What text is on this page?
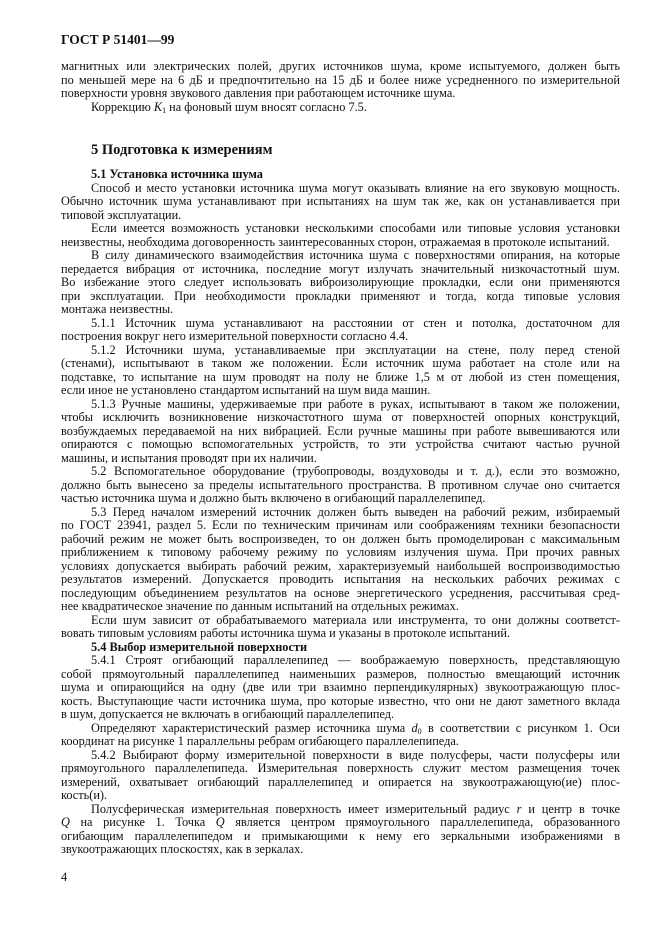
ГОСТ Р 51401—99
магнитных или электрических полей, других источников шума, кроме испытуемого, должен быть
по меньшей мере на 6 дБ и предпочтительно на 15 дБ и более ниже усредненного по измерительной
поверхности уровня звукового давления при работающем источнике шума.
Коррекцию $K_1$ на фоновый шум вносят согласно 7.5.
5 Подготовка к измерениям
5.1 Установка источника шума
Способ и место установки источника шума могут оказывать влияние на его звуковую мощность.
Обычно источник шума устанавливают при испытаниях на шум так же, как он устанавливается при
типовой эксплуатации.
Если имеется возможность установки несколькими способами или типовые условия установки
неизвестны, необходима договоренность заинтересованных сторон, отражаемая в протоколе испытаний.
В силу динамического взаимодействия источника шума с поверхностями опирания, на которые
передается вибрация от источника, последние могут излучать значительный низкочастотный шум.
Во избежание этого следует использовать виброизолирующие прокладки, если они применяются
при эксплуатации. При необходимости прокладки применяют и тогда, когда типовые условия
монтажа неизвестны.
5.1.1 Источник шума устанавливают на расстоянии от стен и потолка, достаточном для
построения вокруг него измерительной поверхности согласно 4.4.
5.1.2 Источники шума, устанавливаемые при эксплуатации на стене, полу перед стеной
(стенами), испытывают в таком же положении. Если источник шума работает на столе или на
подставке, то испытание на шум проводят на полу не ближе 1,5 м от любой из стен помещения,
если иное не установлено стандартом испытаний на шум вида машин.
5.1.3 Ручные машины, удерживаемые при работе в руках, испытывают в таком же положении,
чтобы исключить возникновение низкочастотного шума от поверхностей опорных конструкций,
возбуждаемых передаваемой на них вибрацией. Если ручные машины при работе вывешиваются или
опираются с помощью вспомогательных устройств, то эти устройства считают частью ручной
машины, и испытания проводят при их наличии.
5.2 Вспомогательное оборудование (трубопроводы, воздуховоды и т. д.), если это возможно,
должно быть вынесено за пределы испытательного пространства. В противном случае оно считается
частью источника шума и должно быть включено в огибающий параллелепипед.
5.3 Перед началом измерений источник должен быть выведен на рабочий режим, избираемый
по ГОСТ 23941, раздел 5. Если по техническим причинам или соображениям техники безопасности
рабочий режим не может быть воспроизведен, то он должен быть промоделирован с максимальным
приближением к типовому рабочему режиму по условиям излучения шума. При прочих равных
условиях допускается выбирать рабочий режим, характеризуемый наибольшей воспроизводимостью
результатов измерений. Допускается проводить испытания на нескольких рабочих режимах с
последующим объединением результатов на основе энергетического усреднения, рассчитывая сред-
нее квадратическое значение по данным испытаний на отдельных режимах.
Если шум зависит от обрабатываемого материала или инструмента, то они должны соответст-
вовать типовым условиям работы источника шума и указаны в протоколе испытаний.
5.4 Выбор измерительной поверхности
5.4.1 Строят огибающий параллелепипед — воображаемую поверхность, представляющую
собой прямоугольный параллелепипед наименьших размеров, полностью вмещающий источник
шума и опирающийся на одну (две или три взаимно перпендикулярных) звукоотражающую плос-
кость. Выступающие части источника шума, про которые известно, что они не дают заметного вклада
в шум, допускается не включать в огибающий параллелепипед.
Определяют характеристический размер источника шума $d_0$ в соответствии с рисунком 1. Оси
координат на рисунке 1 параллельны ребрам огибающего параллелепипеда.
5.4.2 Выбирают форму измерительной поверхности в виде полусферы, части полусферы или
прямоугольного параллелепипеда. Измерительная поверхность служит местом размещения точек
измерений, охватывает огибающий параллелепипед и опирается на звукоотражающую(ие) плос-
кость(и).
Полусферическая измерительная поверхность имеет измерительный радиус r и центр в точке
Q на рисунке 1. Точка Q является центром прямоугольного параллелепипеда, образованного
огибающим параллелепипедом и примыкающими к нему его зеркальными изображениями в
звукоотражающих плоскостях, как в зеркалах.
4
